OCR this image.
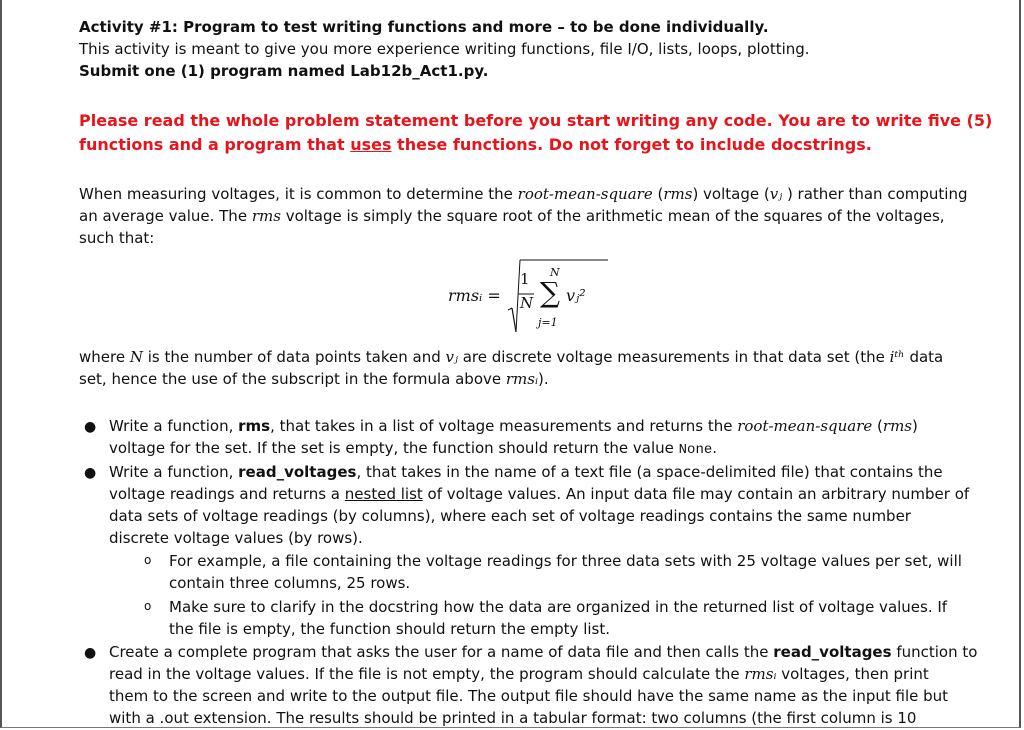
Activity #1: Program to test writing functions and more – to be done individually.
This activity is meant to give you more experience writing functions, file I/O, lists, loops, plotting.
Submit one (1) program named Lab12b_Act1.py.
Please read the whole problem statement before you start writing any code. You are to write five (5)
functions and a program that uses these functions. Do not forget to include docstrings.
When measuring voltages, it is common to determine the root-mean-square (rms) voltage (vⱼ ) rather than computing
an average value. The rms voltage is simply the square root of the arithmetic mean of the squares of the voltages,
such that:
rmsᵢ =
N
1
N ∑
j=1
vⱼ²
where N is the number of data points taken and vⱼ are discrete voltage measurements in that data set (the iᵗʰ data
set, hence the use of the subscript in the formula above rmsᵢ).
● Write a function, rms, that takes in a list of voltage measurements and returns the root-mean-square (rms)
voltage for the set. If the set is empty, the function should return the value None.
● Write a function, read_voltages, that takes in the name of a text file (a space-delimited file) that contains the
voltage readings and returns a nested list of voltage values. An input data file may contain an arbitrary number of
data sets of voltage readings (by columns), where each set of voltage readings contains the same number
discrete voltage values (by rows).
o For example, a file containing the voltage readings for three data sets with 25 voltage values per set, will
contain three columns, 25 rows.
o Make sure to clarify in the docstring how the data are organized in the returned list of voltage values. If
the file is empty, the function should return the empty list.
● Create a complete program that asks the user for a name of data file and then calls the read_voltages function to
read in the voltage values. If the file is not empty, the program should calculate the rmsᵢ voltages, then print
them to the screen and write to the output file. The output file should have the same name as the input file but
with a .out extension. The results should be printed in a tabular format: two columns (the first column is 10
